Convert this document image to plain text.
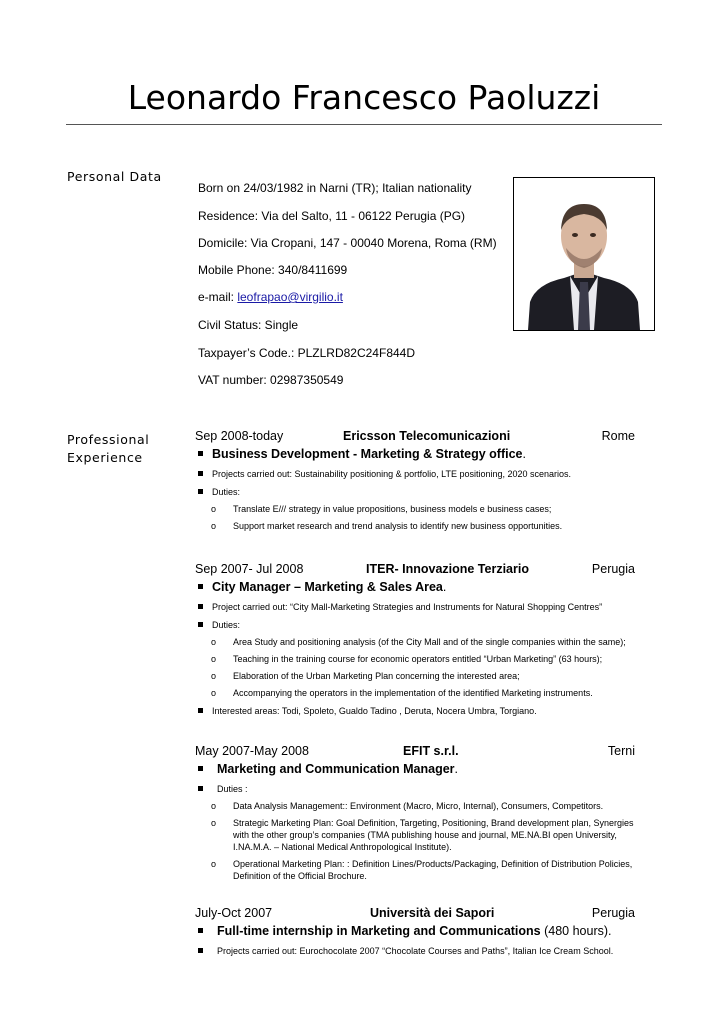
Leonardo Francesco Paoluzzi
Personal Data
Born on 24/03/1982 in Narni (TR); Italian nationality
Residence: Via del Salto, 11 - 06122 Perugia (PG)
Domicile: Via Cropani, 147 - 00040 Morena, Roma (RM)
Mobile Phone: 340/8411699
e-mail: leofrapao@virgilio.it
Civil Status: Single
Taxpayer’s Code.: PLZLRD82C24F844D
VAT number: 02987350549
Professional
Experience
Sep 2008-today	Ericsson Telecomunicazioni	Rome
Business Development - Marketing & Strategy office.
Projects carried out: Sustainability positioning & portfolio, LTE positioning, 2020 scenarios.
Duties:
o Translate E/// strategy in value propositions, business models e business cases;
o Support market research and trend analysis to identify new business opportunities.
Sep 2007- Jul 2008	ITER- Innovazione Terziario	Perugia
City Manager – Marketing & Sales Area.
Project carried out: “City Mall-Marketing Strategies and Instruments for Natural Shopping Centres”
Duties:
o Area Study and positioning analysis (of the City Mall and of the single companies within the same);
o Teaching in the training course for economic operators entitled “Urban Marketing” (63 hours);
o Elaboration of the Urban Marketing Plan concerning the interested area;
o Accompanying the operators in the implementation of the identified Marketing instruments.
Interested areas: Todi, Spoleto, Gualdo Tadino , Deruta, Nocera Umbra, Torgiano.
May 2007-May 2008	EFIT s.r.l.	Terni
Marketing and Communication Manager.
Duties :
o Data Analysis Management:: Environment (Macro, Micro, Internal), Consumers, Competitors.
o Strategic Marketing Plan: Goal Definition, Targeting, Positioning, Brand development plan, Synergies with the other group’s companies (TMA publishing house and journal, ME.NA.BI open University, I.NA.M.A. – National Medical Anthropological Institute).
o Operational Marketing Plan: : Definition Lines/Products/Packaging, Definition of Distribution Policies, Definition of the Official Brochure.
July-Oct 2007	Università dei Sapori	Perugia
Full-time internship in Marketing and Communications (480 hours).
Projects carried out: Eurochocolate 2007 “Chocolate Courses and Paths”, Italian Ice Cream School.
